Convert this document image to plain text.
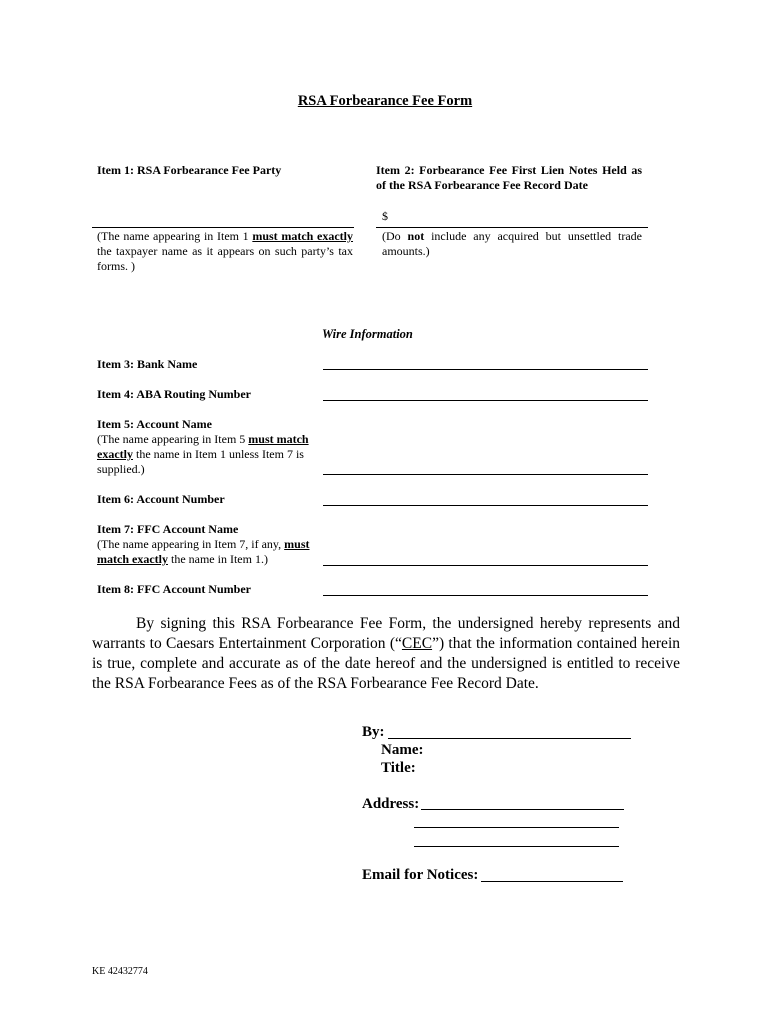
RSA Forbearance Fee Form
Item 1: RSA Forbearance Fee Party
(The name appearing in Item 1 must match exactly the taxpayer name as it appears on such party’s tax forms. )
Item 2: Forbearance Fee First Lien Notes Held as of the RSA Forbearance Fee Record Date
$
(Do not include any acquired but unsettled trade amounts.)
Wire Information
Item 3: Bank Name
Item 4: ABA Routing Number
Item 5: Account Name
(The name appearing in Item 5 must match exactly the name in Item 1 unless Item 7 is supplied.)
Item 6: Account Number
Item 7: FFC Account Name
(The name appearing in Item 7, if any, must match exactly the name in Item 1.)
Item 8: FFC Account Number
By signing this RSA Forbearance Fee Form, the undersigned hereby represents and warrants to Caesars Entertainment Corporation (“CEC”) that the information contained herein is true, complete and accurate as of the date hereof and the undersigned is entitled to receive the RSA Forbearance Fees as of the RSA Forbearance Fee Record Date.
By:
Name:
Title:
Address:
Email for Notices:
KE 42432774
